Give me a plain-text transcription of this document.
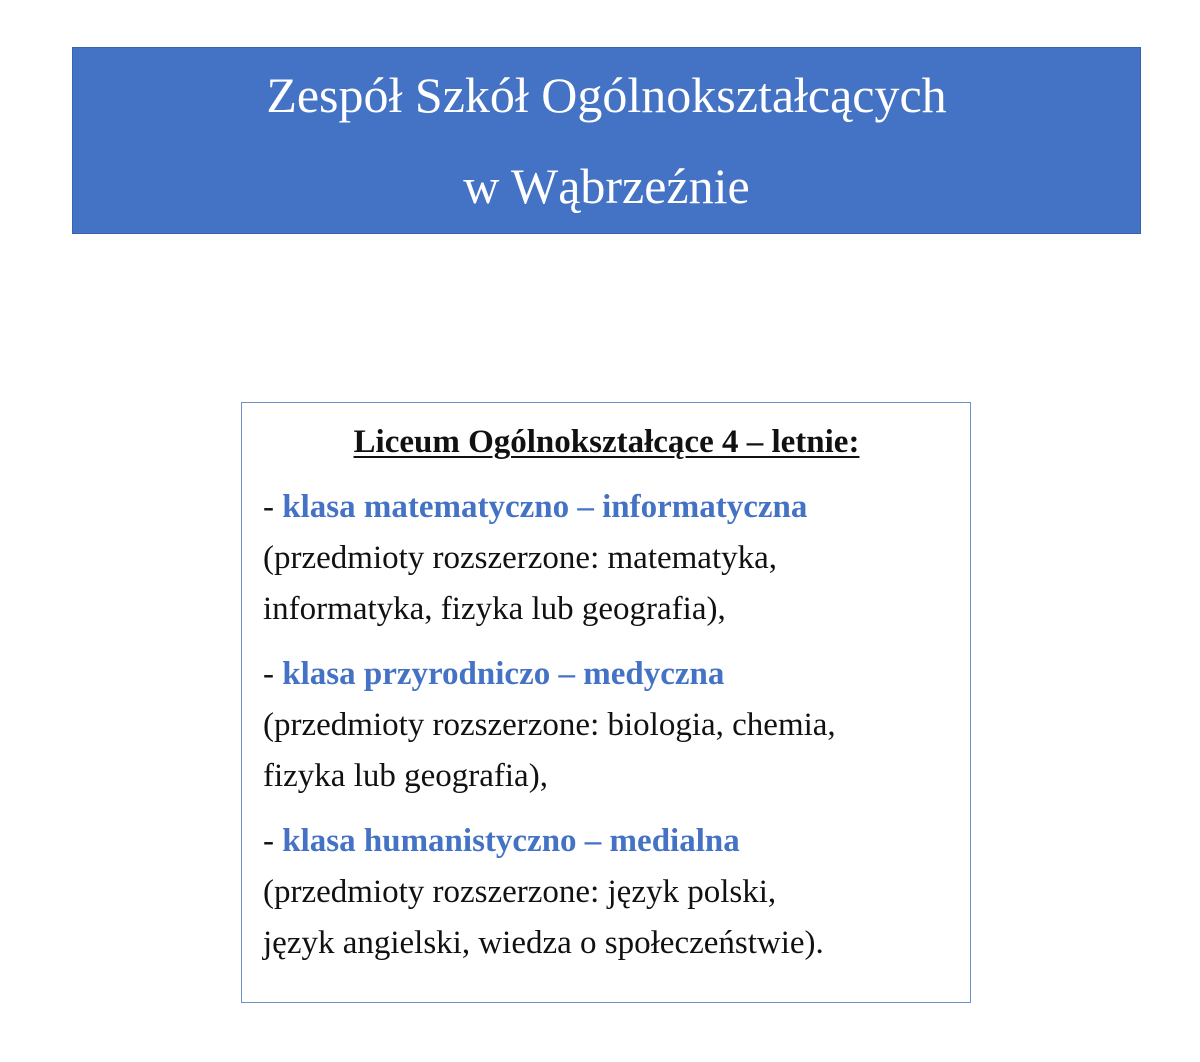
Zespół Szkół Ogólnokształcących
w Wąbrzeźnie
Liceum Ogólnokształcące 4 – letnie:
- klasa matematyczno – informatyczna
(przedmioty rozszerzone: matematyka,
informatyka, fizyka lub geografia),
- klasa przyrodniczo – medyczna
(przedmioty rozszerzone: biologia, chemia,
fizyka lub geografia),
- klasa humanistyczno – medialna
(przedmioty rozszerzone: język polski,
język angielski, wiedza o społeczeństwie).
